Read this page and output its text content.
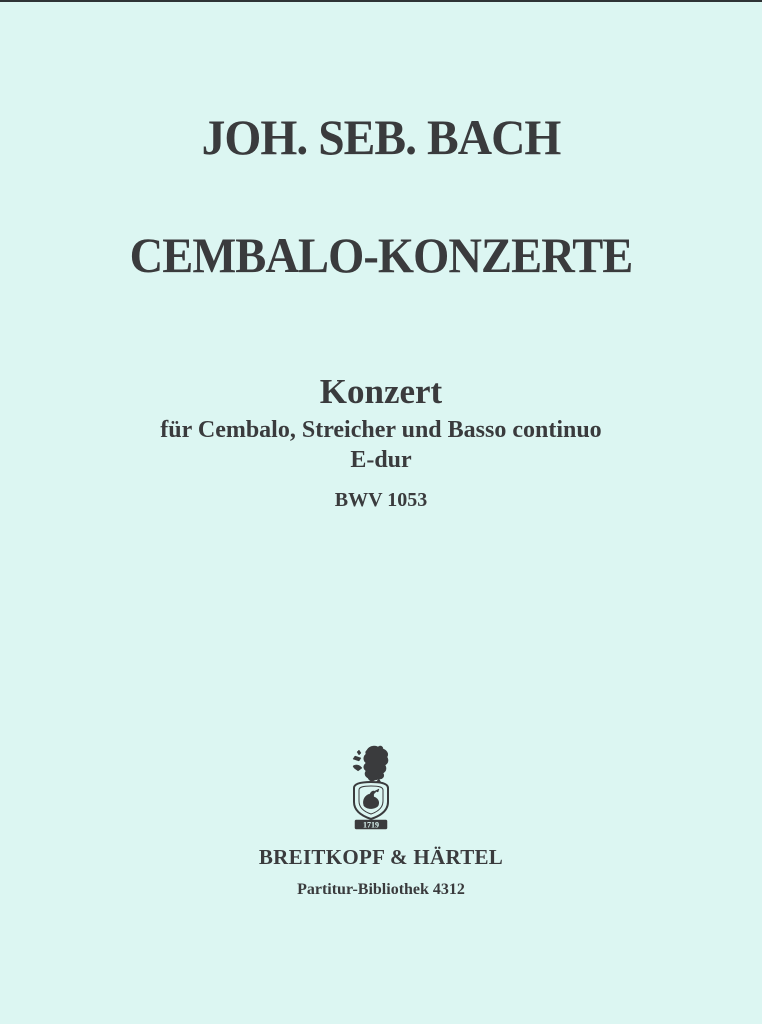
JOH. SEB. BACH
CEMBALO-KONZERTE
Konzert
für Cembalo, Streicher und Basso continuo
E-dur
BWV 1053
1719
BREITKOPF & HÄRTEL
Partitur-Bibliothek 4312
